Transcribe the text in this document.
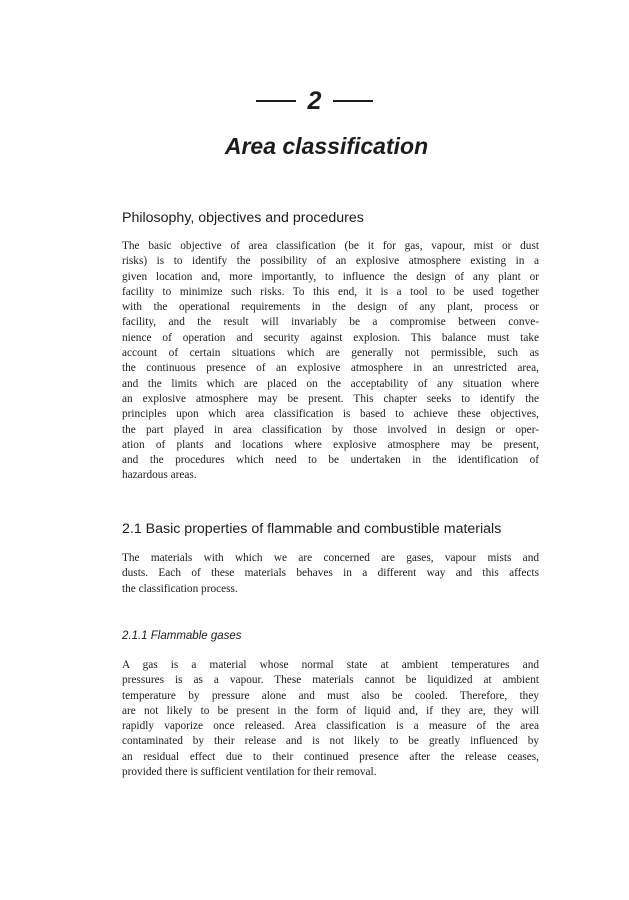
2
Area classification
Philosophy, objectives and procedures
The basic objective of area classification (be it for gas, vapour, mist or dust
risks) is to identify the possibility of an explosive atmosphere existing in a
given location and, more importantly, to influence the design of any plant or
facility to minimize such risks. To this end, it is a tool to be used together
with the operational requirements in the design of any plant, process or
facility, and the result will invariably be a compromise between conve-
nience of operation and security against explosion. This balance must take
account of certain situations which are generally not permissible, such as
the continuous presence of an explosive atmosphere in an unrestricted area,
and the limits which are placed on the acceptability of any situation where
an explosive atmosphere may be present. This chapter seeks to identify the
principles upon which area classification is based to achieve these objectives,
the part played in area classification by those involved in design or oper-
ation of plants and locations where explosive atmosphere may be present,
and the procedures which need to be undertaken in the identification of
hazardous areas.
2.1 Basic properties of flammable and combustible materials
The materials with which we are concerned are gases, vapour mists and
dusts. Each of these materials behaves in a different way and this affects
the classification process.
2.1.1 Flammable gases
A gas is a material whose normal state at ambient temperatures and
pressures is as a vapour. These materials cannot be liquidized at ambient
temperature by pressure alone and must also be cooled. Therefore, they
are not likely to be present in the form of liquid and, if they are, they will
rapidly vaporize once released. Area classification is a measure of the area
contaminated by their release and is not likely to be greatly influenced by
an residual effect due to their continued presence after the release ceases,
provided there is sufficient ventilation for their removal.
